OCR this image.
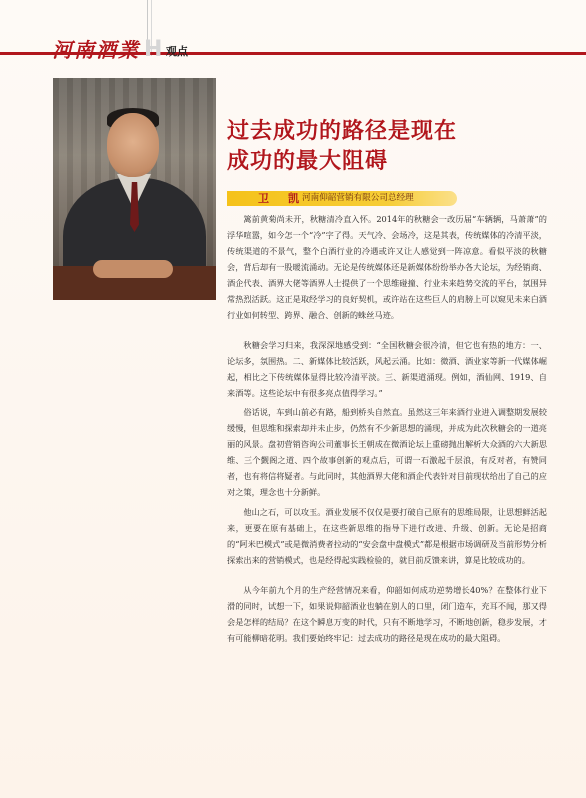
河南酒業 H 观点
过去成功的路径是现在
成功的最大阻碍
卫　凯 河南仰韶营销有限公司总经理

篱前黄菊尚未开，秋糖清冷直入怀。2014年的秋糖会一改历届“车辆辆，马萧萧”的浮华喧嚣，如今怎一个“冷”字了得。天气冷、会场冷，这是其表，传统媒体的冷清平淡，传统渠道的不景气，整个白酒行业的冷遇或许又让人感觉到一阵凉意。看似平淡的秋糖会，背后却有一股暖流涌动。无论是传统媒体还是新媒体纷纷举办各大论坛，为经销商、酒企代表、酒界大佬等酒界人士提供了一个思维碰撞、行业未来趋势交流的平台，氛围异常热烈活跃。这正是取经学习的良好契机，或许站在这些巨人的肩膀上可以窥见未来白酒行业如何转型、跨界、融合、创新的蛛丝马迹。

秋糖会学习归来，我深深地感受到：“全国秋糖会很冷清，但它也有热的地方：一、论坛多，氛围热。二、新媒体比较活跃，风起云涌。比如：微酒、酒业家等新一代媒体崛起，相比之下传统媒体显得比较冷清平淡。三、新渠道涌现。例如，酒仙网、1919、自来酒等。这些论坛中有很多亮点值得学习。”

俗话说，车到山前必有路，船到桥头自然直。虽然这三年来酒行业进入调整期发展较缓慢，但思维和探索却并未止步，仍然有不少新思想的涌现，并成为此次秋糖会的一道亮丽的风景。盘初营销咨询公司董事长王朝成在微酒论坛上重磅抛出解析大众酒的六大新思维、三个觐阁之道、四个故事创新的观点后，可谓一石激起千层浪，有反对者，有赞同者，也有将信将疑者。与此同时，其他酒界大佬和酒企代表针对目前现状给出了自己的应对之策，理念也十分新鲜。

他山之石，可以攻玉。酒业发展不仅仅是要打破自己原有的思维局限，让思想鲜活起来，更要在原有基础上，在这些新思维的指导下进行改进、升级、创新。无论是招商的“阿米巴模式”或是微消费者拉动的“安会盘中盘模式”都是根据市场调研及当前形势分析探索出来的营销模式，也是经得起实践检验的，就目前反馈来讲，算是比较成功的。

从今年前九个月的生产经营情况来看，仰韶如何成功逆势增长40%？在整体行业下滑的同时，试想一下，如果说仰韶酒业也躺在别人的口里，闭门造车，充耳不闻，那又得会是怎样的结局？在这个瞬息万变的时代，只有不断地学习，不断地创新，稳步发展，才有可能柳暗花明。我们要始终牢记：过去成功的路径是现在成功的最大阻碍。
